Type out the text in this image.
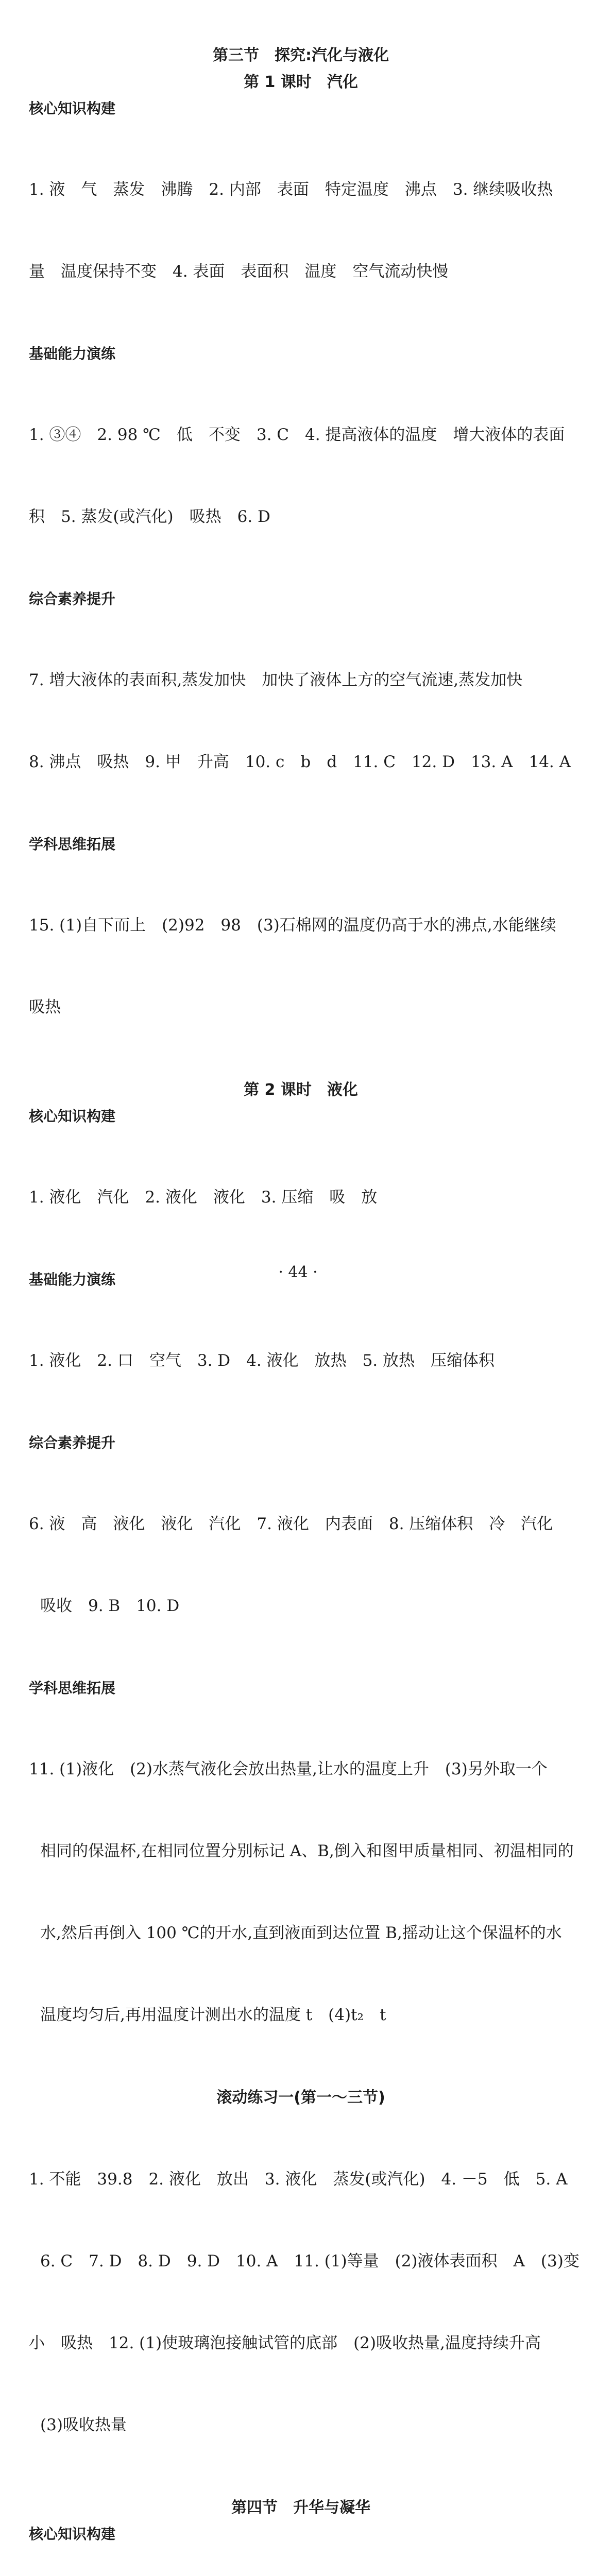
第三节　探究:汽化与液化
第 1 课时　汽化
核心知识构建

1. 液　气　蒸发　沸腾　2. 内部　表面　特定温度　沸点　3. 继续吸收热

量　温度保持不变　4. 表面　表面积　温度　空气流动快慢

基础能力演练

1. ③④　2. 98 ℃　低　不变　3. C　4. 提高液体的温度　增大液体的表面

积　5. 蒸发(或汽化)　吸热　6. D

综合素养提升

7. 增大液体的表面积,蒸发加快　加快了液体上方的空气流速,蒸发加快

8. 沸点　吸热　9. 甲　升高　10. c　b　d　11. C　12. D　13. A　14. A

学科思维拓展

15. (1)自下而上　(2)92　98　(3)石棉网的温度仍高于水的沸点,水能继续

吸热

第 2 课时　液化
核心知识构建

1. 液化　汽化　2. 液化　液化　3. 压缩　吸　放

基础能力演练

1. 液化　2. 口　空气　3. D　4. 液化　放热　5. 放热　压缩体积

综合素养提升

6. 液　高　液化　液化　汽化　7. 液化　内表面　8. 压缩体积　冷　汽化

吸收　9. B　10. D

学科思维拓展

11. (1)液化　(2)水蒸气液化会放出热量,让水的温度上升　(3)另外取一个

相同的保温杯,在相同位置分别标记 A、B,倒入和图甲质量相同、初温相同的

水,然后再倒入 100 ℃的开水,直到液面到达位置 B,摇动让这个保温杯的水

温度均匀后,再用温度计测出水的温度 t　(4)t₂　t

滚动练习一(第一～三节)

1. 不能　39.8　2. 液化　放出　3. 液化　蒸发(或汽化)　4. －5　低　5. A

6. C　7. D　8. D　9. D　10. A　11. (1)等量　(2)液体表面积　A　(3)变

小　吸热　12. (1)使玻璃泡接触试管的底部　(2)吸收热量,温度持续升高

(3)吸收热量

第四节　升华与凝华
核心知识构建

· 44 ·
